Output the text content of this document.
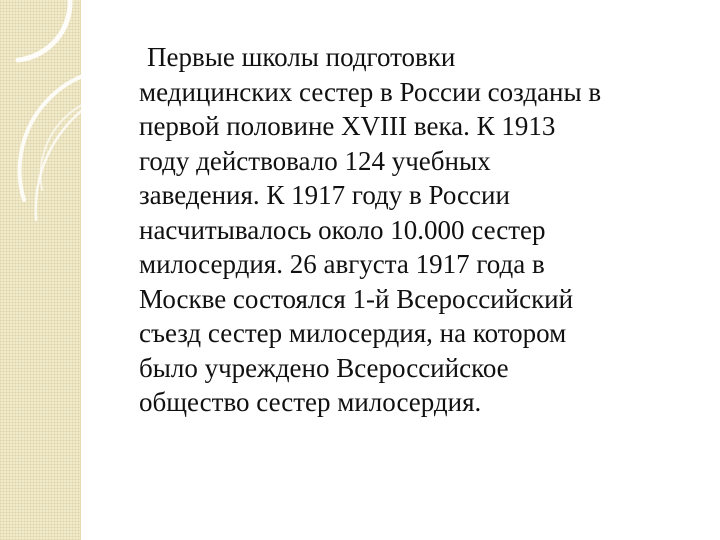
Первые школы подготовки
медицинских сестер в России созданы в
первой половине XVIII века. К 1913
году действовало 124 учебных
заведения. К 1917 году в России
насчитывалось около 10.000 сестер
милосердия. 26 августа 1917 года в
Москве состоялся 1-й Всероссийский
съезд сестер милосердия, на котором
было учреждено Всероссийское
общество сестер милосердия.
